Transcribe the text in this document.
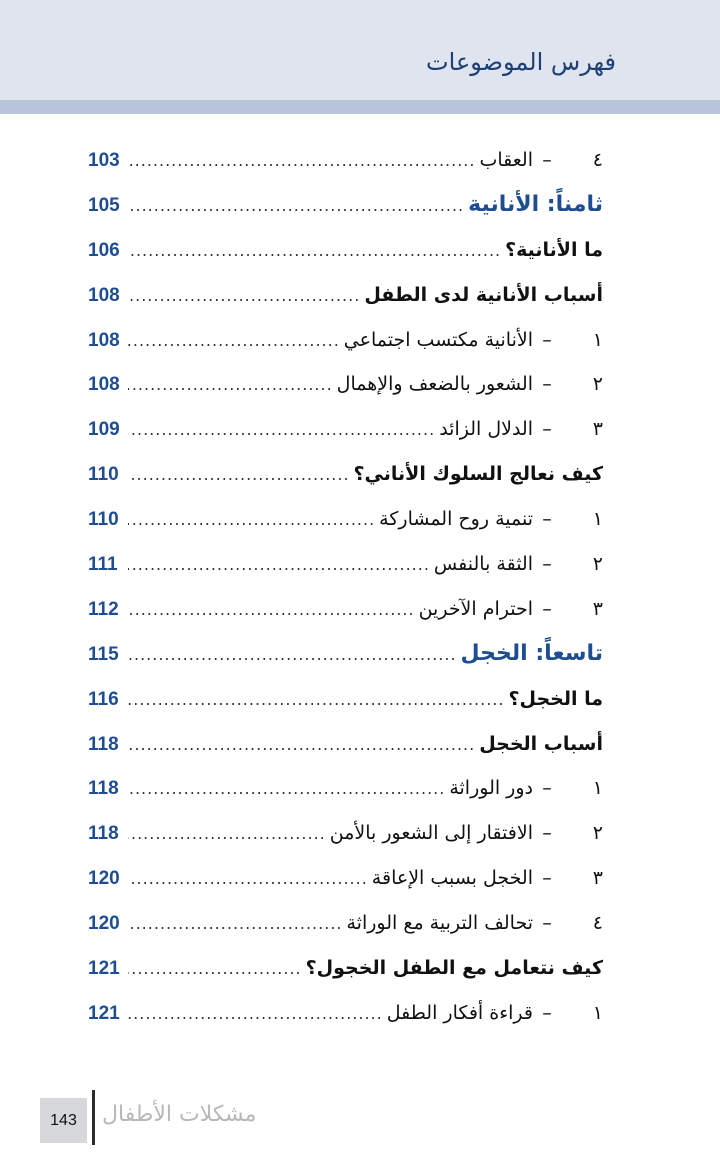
فهرس الموضوعات
٤
–
العقاب
.....
103
ثامناً: الأنانية
.....
105
ما الأنانية؟
.....
106
أسباب الأنانية لدى الطفل
.....
108
١
–
الأنانية مكتسب اجتماعي
.....
108
٢
–
الشعور بالضعف والإهمال
.....
108
٣
–
الدلال الزائد
.....
109
كيف نعالج السلوك الأناني؟
.....
110
١
–
تنمية روح المشاركة
.....
110
٢
–
الثقة بالنفس
.....
111
٣
–
احترام الآخرين
.....
112
تاسعاً: الخجل
.....
115
ما الخجل؟
.....
116
أسباب الخجل
.....
118
١
–
دور الوراثة
.....
118
٢
–
الافتقار إلى الشعور بالأمن
.....
118
٣
–
الخجل بسبب الإعاقة
.....
120
٤
–
تحالف التربية مع الوراثة
.....
120
كيف نتعامل مع الطفل الخجول؟
.....
121
١
–
قراءة أفكار الطفل
.....
121
143	مشكلات الأطفال
